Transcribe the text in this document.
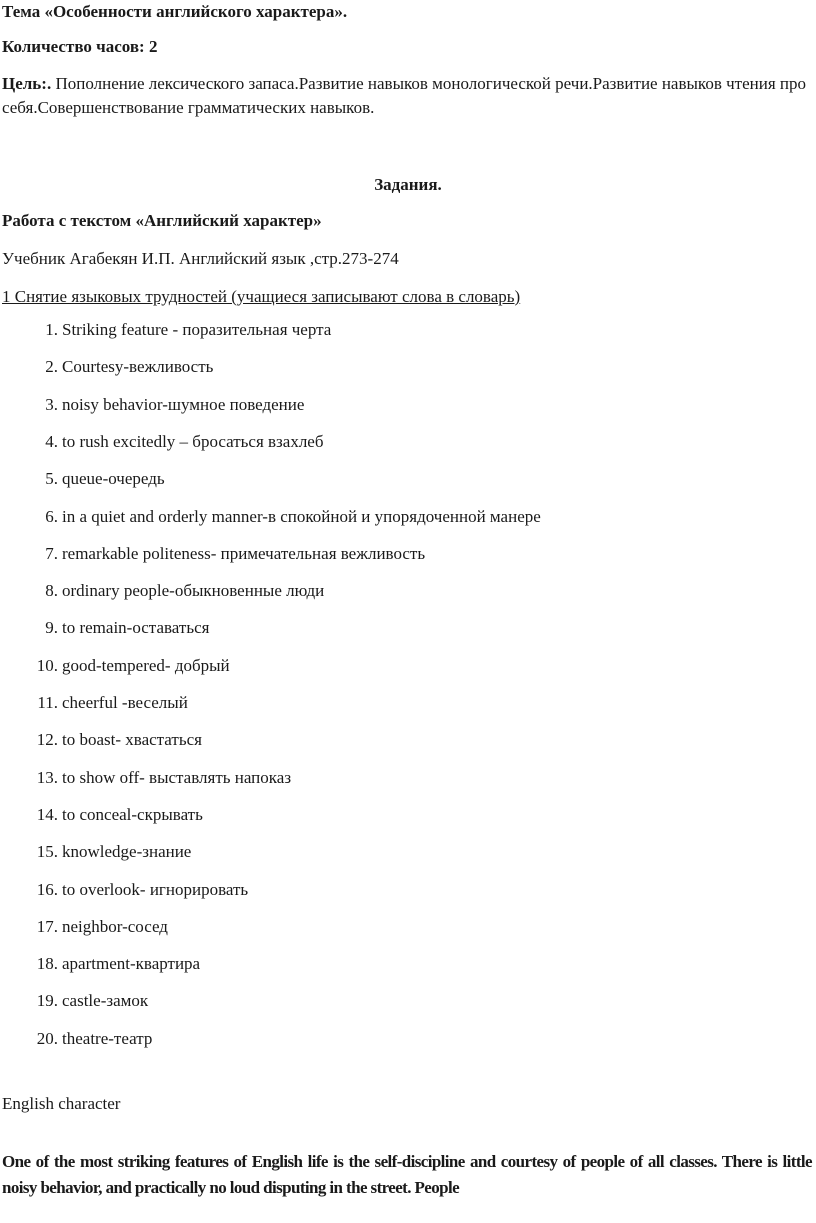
Тема «Особенности английского характера».
Количество часов: 2
Цель:. Пополнение лексического запаса.Развитие навыков монологической речи.Развитие навыков чтения про себя.Совершенствование грамматических навыков.
Задания.
Работа с текстом «Английский характер»
Учебник Агабекян И.П. Английский язык ,стр.273-274
1 Снятие языковых трудностей (учащиеся записывают слова в словарь)
1. Striking feature - поразительная черта
2. Courtesy-вежливость
3. noisy behavior-шумное поведение
4. to rush excitedly – бросаться взахлеб
5. queue-очередь
6. in a quiet and orderly manner-в спокойной и упорядоченной манере
7. remarkable politeness- примечательная вежливость
8. ordinary people-обыкновенные люди
9. to remain-оставаться
10. good-tempered- добрый
11. cheerful -веселый
12. to boast- хвастаться
13. to show off- выставлять напоказ
14. to conceal-скрывать
15. knowledge-знание
16. to overlook- игнорировать
17. neighbor-сосед
18. apartment-квартира
19. castle-замок
20. theatre-театр
English character
One of the most striking features of English life is the self-discipline and courtesy of people of all classes. There is little noisy behavior, and practically no loud disputing in the street. People
